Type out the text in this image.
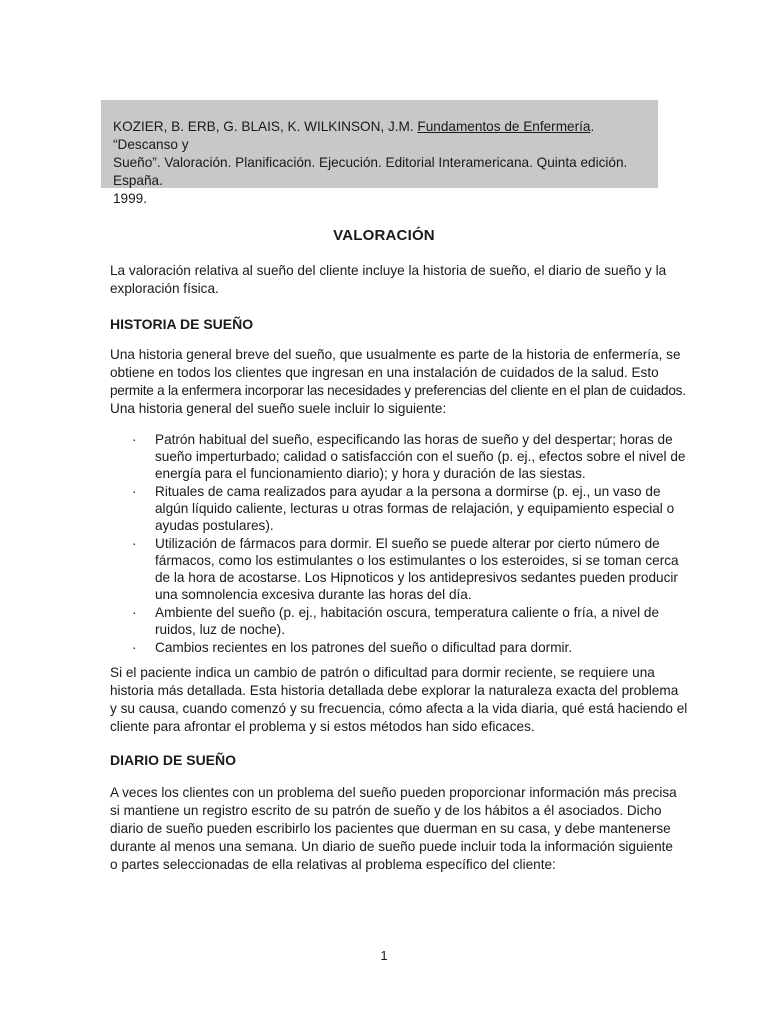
KOZIER, B. ERB, G. BLAIS, K. WILKINSON, J.M. Fundamentos de Enfermería. “Descanso y
Sueño”. Valoración. Planificación. Ejecución. Editorial Interamericana. Quinta edición. España.
1999.
VALORACIÓN
La valoración relativa al sueño del cliente incluye la historia de sueño, el diario de sueño y la
exploración física.
HISTORIA DE SUEÑO
Una historia general breve del sueño, que usualmente es parte de la historia de enfermería, se
obtiene en todos los clientes que ingresan en una instalación de cuidados de la salud. Esto
permite a la enfermera incorporar las necesidades y preferencias del cliente en el plan de cuidados.
Una historia general del sueño suele incluir lo siguiente:
· Patrón habitual del sueño, especificando las horas de sueño y del despertar; horas de
sueño imperturbado; calidad o satisfacción con el sueño (p. ej., efectos sobre el nivel de
energía para el funcionamiento diario); y hora y duración de las siestas.
· Rituales de cama realizados para ayudar a la persona a dormirse (p. ej., un vaso de
algún líquido caliente, lecturas u otras formas de relajación, y equipamiento especial o
ayudas postulares).
· Utilización de fármacos para dormir. El sueño se puede alterar por cierto número de
fármacos, como los estimulantes o los estimulantes o los esteroides, si se toman cerca
de la hora de acostarse. Los Hipnoticos y los antidepresivos sedantes pueden producir
una somnolencia excesiva durante las horas del día.
· Ambiente del sueño (p. ej., habitación oscura, temperatura caliente o fría, a nivel de
ruidos, luz de noche).
· Cambios recientes en los patrones del sueño o dificultad para dormir.
Si el paciente indica un cambio de patrón o dificultad para dormir reciente, se requiere una
historia más detallada. Esta historia detallada debe explorar la naturaleza exacta del problema
y su causa, cuando comenzó y su frecuencia, cómo afecta a la vida diaria, qué está haciendo el
cliente para afrontar el problema y si estos métodos han sido eficaces.
DIARIO DE SUEÑO
A veces los clientes con un problema del sueño pueden proporcionar información más precisa
si mantiene un registro escrito de su patrón de sueño y de los hábitos a él asociados. Dicho
diario de sueño pueden escribirlo los pacientes que duerman en su casa, y debe mantenerse
durante al menos una semana. Un diario de sueño puede incluir toda la información siguiente
o partes seleccionadas de ella relativas al problema específico del cliente:
1
